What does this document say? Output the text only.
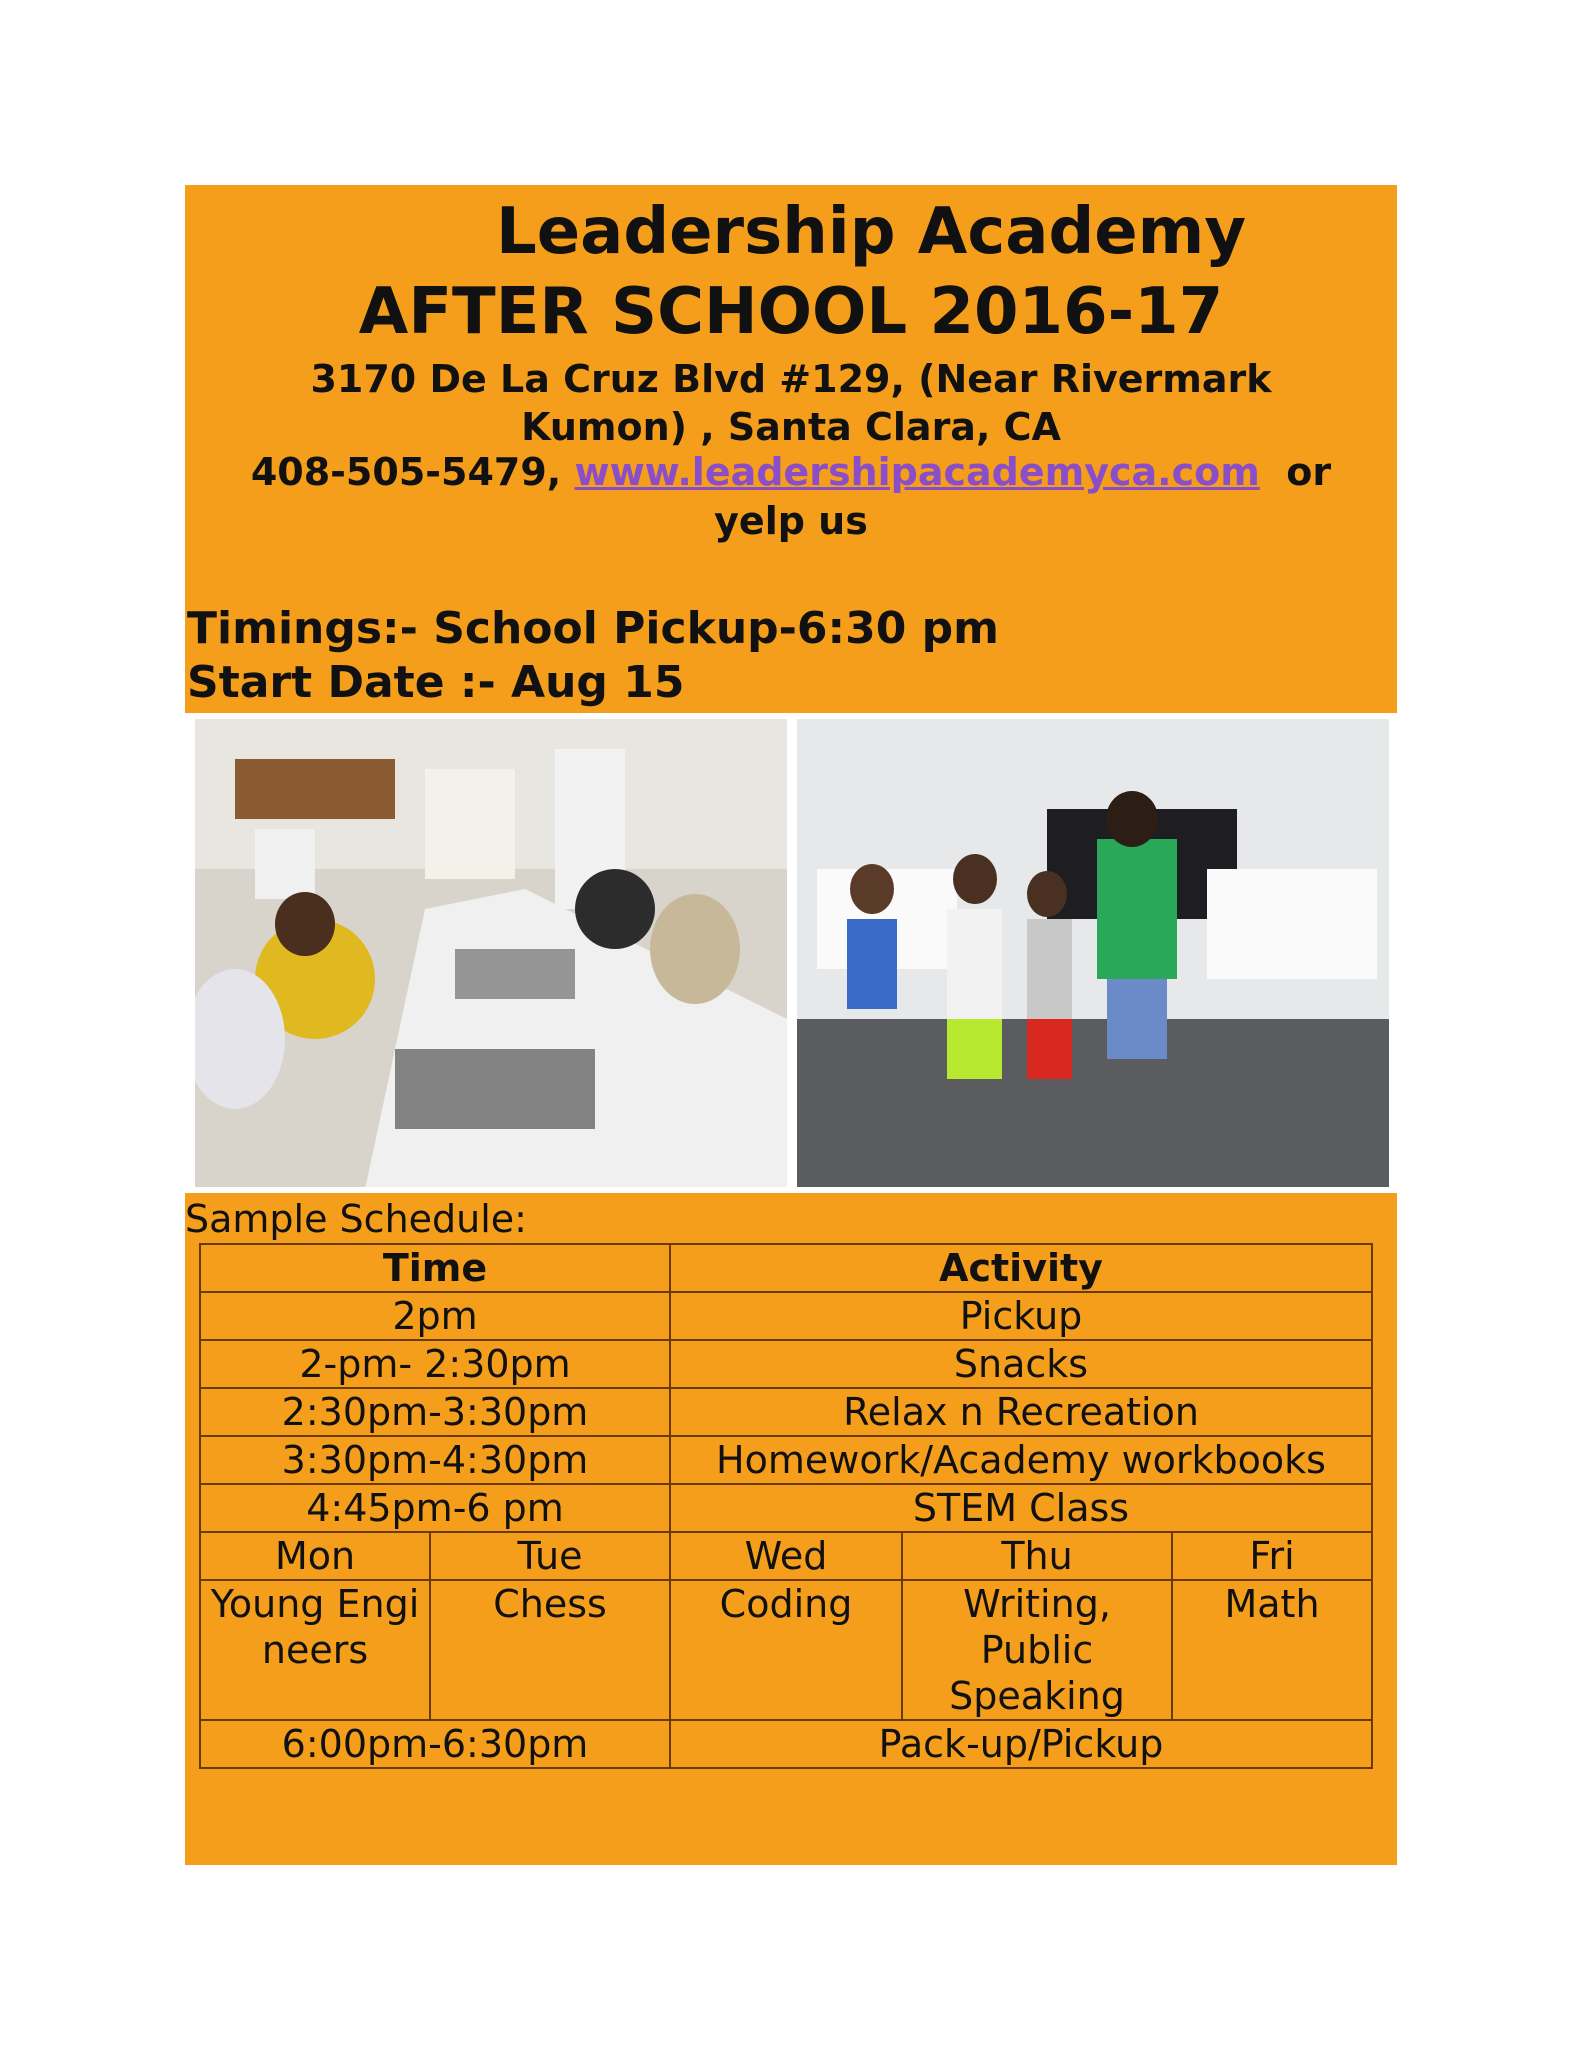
Leadership Academy
AFTER SCHOOL 2016-17
3170 De La Cruz Blvd #129, (Near Rivermark
Kumon) , Santa Clara, CA
408-505-5479, www.leadershipacademyca.com or
yelp us
Timings:- School Pickup-6:30 pm
Start Date :- Aug 15
Sample Schedule:
Time		Activity		
2pm		Pickup		
2-pm- 2:30pm		Snacks		
2:30pm-3:30pm		Relax n Recreation		
3:30pm-4:30pm		Homework/Academy workbooks		
4:45pm-6 pm		STEM Class		
Mon	Tue	Wed	Thu	Fri
Young Engineers	Chess	Coding	Writing, Public Speaking	Math
6:00pm-6:30pm		Pack-up/Pickup		
